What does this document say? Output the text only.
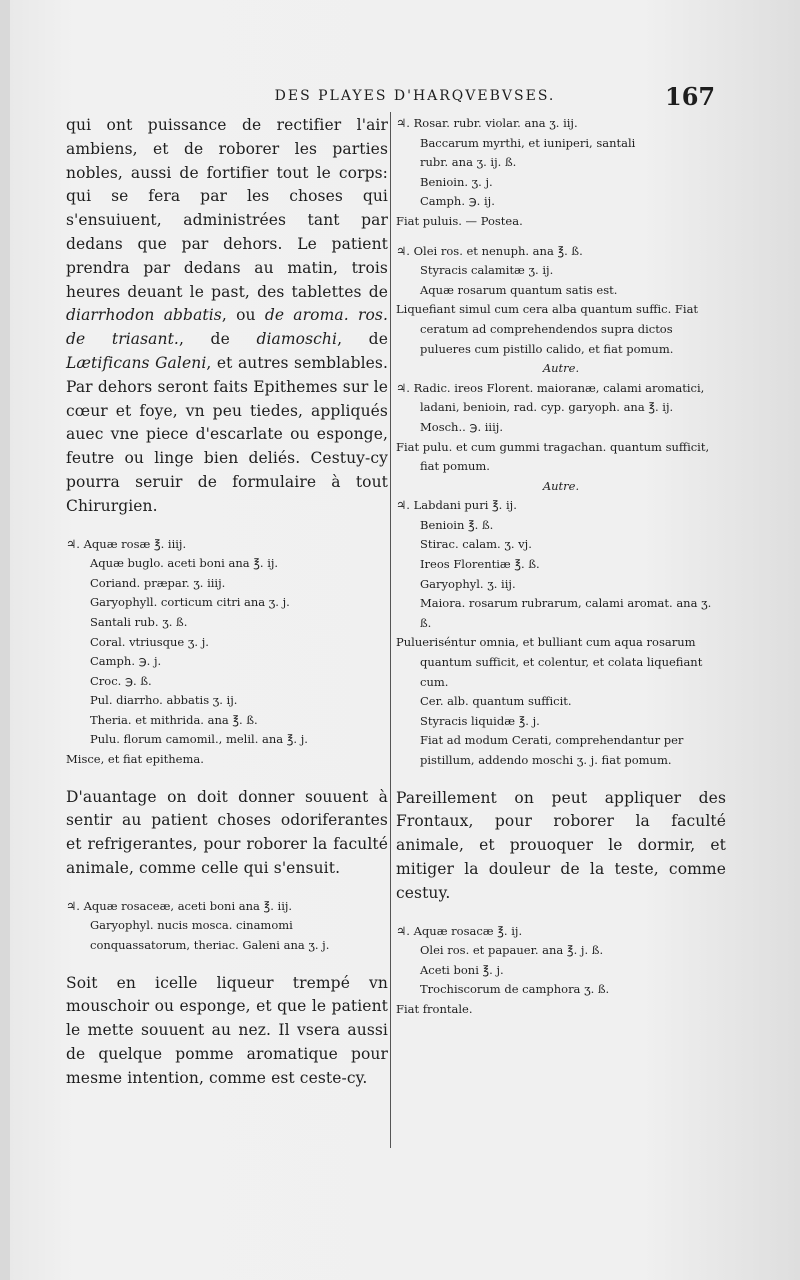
DES PLAYES D'HARQVEBVSES.	167

qui ont puissance de rectifier l'air ambiens, et de roborer les parties nobles, aussi de fortifier tout le corps: qui se fera par les choses qui s'ensuiuent, administrées tant par dedans que par dehors. Le patient prendra par dedans au matin, trois heures deuant le past, des tablettes de diarrhodon abbatis, ou de aroma. ros. de triasant., de diamoschi, de Lætificans Galeni, et autres semblables. Par dehors seront faits Epithemes sur le cœur et foye, vn peu tiedes, appliqués auec vne piece d'escarlate ou esponge, feutre ou linge bien deliés. Cestuy-cy pourra seruir de formulaire à tout Chirurgien.

♃. Aquæ rosæ ℥. iiij.
Aquæ buglo. aceti boni ana ℥. ij.
Coriand. præpar. ʒ. iiij.
Garyophyll. corticum citri ana ʒ. j.
Santali rub. ʒ. ß.
Coral. vtriusque ʒ. j.
Camph. ℈. j.
Croc. ℈. ß.
Pul. diarrho. abbatis ʒ. ij.
Theria. et mithrida. ana ℥. ß.
Pulu. florum camomil., melil. ana ℥. j.
Misce, et fiat epithema.

D'auantage on doit donner souuent à sentir au patient choses odoriferantes et refrigerantes, pour roborer la faculté animale, comme celle qui s'ensuit.

♃. Aquæ rosaceæ, aceti boni ana ℥. iij.
Garyophyl. nucis mosca. cinamomi conquassatorum, theriac. Galeni ana ʒ. j.

Soit en icelle liqueur trempé vn mouschoir ou esponge, et que le patient le mette souuent au nez. Il vsera aussi de quelque pomme aromatique pour mesme intention, comme est ceste-cy.

♃. Rosar. rubr. violar. ana ʒ. iij.
Baccarum myrthi, et iuniperi, santali
rubr. ana ʒ. ij. ß.
Benioin. ʒ. j.
Camph. ℈. ij.
Fiat puluis. — Postea.
♃. Olei ros. et nenuph. ana ℥. ß.
Styracis calamitæ ʒ. ij.
Aquæ rosarum quantum satis est.
Liquefiant simul cum cera alba quantum suffic. Fiat ceratum ad comprehendendos supra dictos pulueres cum pistillo calido, et fiat pomum.
Autre.
♃. Radic. ireos Florent. maioranæ, calami aromatici, ladani, benioin, rad. cyp. garyoph. ana ℥. ij.
Mosch.. ℈. iiij.
Fiat pulu. et cum gummi tragachan. quantum sufficit, fiat pomum.
Autre.
♃. Labdani puri ℥. ij.
Benioin ℥. ß.
Stirac. calam. ʒ. vj.
Ireos Florentiæ ℥. ß.
Garyophyl. ʒ. iij.
Maiora. rosarum rubrarum, calami aromat. ana ʒ. ß.
Pulueriséntur omnia, et bulliant cum aqua rosarum quantum sufficit, et colentur, et colata liquefiant cum.
Cer. alb. quantum sufficit.
Styracis liquidæ ℥. j.
Fiat ad modum Cerati, comprehendantur per pistillum, addendo moschi ʒ. j. fiat pomum.

Pareillement on peut appliquer des Frontaux, pour roborer la faculté animale, et prouoquer le dormir, et mitiger la douleur de la teste, comme cestuy.

♃. Aquæ rosacæ ℥. ij.
Olei ros. et papauer. ana ℥. j. ß.
Aceti boni ℥. j.
Trochiscorum de camphora ʒ. ß.
Fiat frontale.
